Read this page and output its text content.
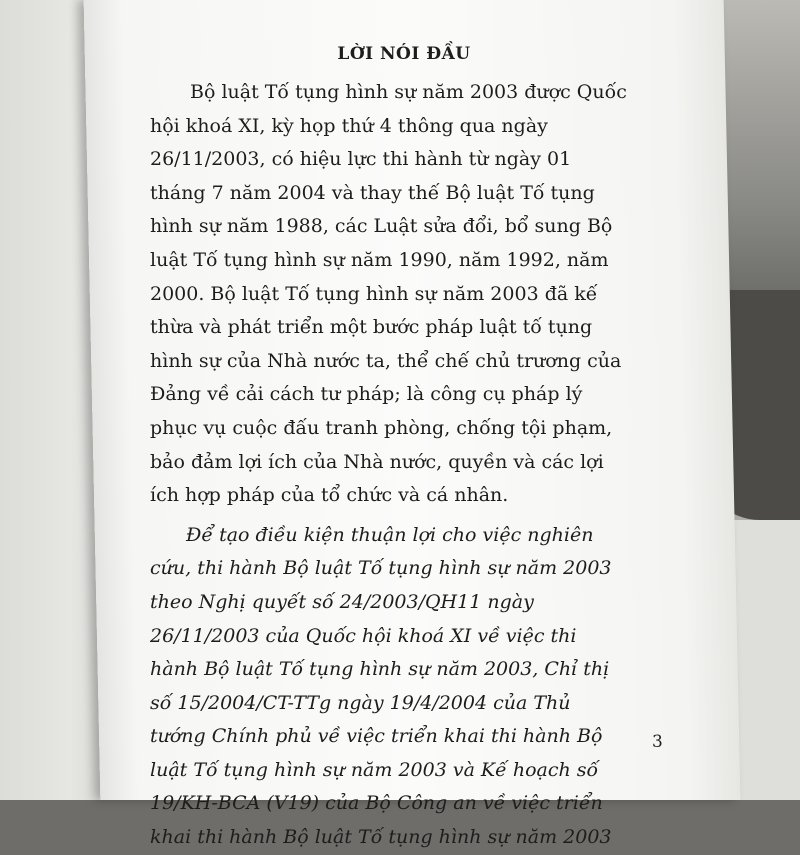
LỜI NÓI ĐẦU

Bộ luật Tố tụng hình sự năm 2003 được Quốc
hội khoá XI, kỳ họp thứ 4 thông qua ngày
26/11/2003, có hiệu lực thi hành từ ngày 01
tháng 7 năm 2004 và thay thế Bộ luật Tố tụng
hình sự năm 1988, các Luật sửa đổi, bổ sung Bộ
luật Tố tụng hình sự năm 1990, năm 1992, năm
2000. Bộ luật Tố tụng hình sự năm 2003 đã kế
thừa và phát triển một bước pháp luật tố tụng
hình sự của Nhà nước ta, thể chế chủ trương của
Đảng về cải cách tư pháp; là công cụ pháp lý
phục vụ cuộc đấu tranh phòng, chống tội phạm,
bảo đảm lợi ích của Nhà nước, quyền và các lợi
ích hợp pháp của tổ chức và cá nhân.

Để tạo điều kiện thuận lợi cho việc nghiên
cứu, thi hành Bộ luật Tố tụng hình sự năm 2003
theo Nghị quyết số 24/2003/QH11 ngày
26/11/2003 của Quốc hội khoá XI về việc thi
hành Bộ luật Tố tụng hình sự năm 2003, Chỉ thị
số 15/2004/CT-TTg ngày 19/4/2004 của Thủ
tướng Chính phủ về việc triển khai thi hành Bộ
luật Tố tụng hình sự năm 2003 và Kế hoạch số
19/KH-BCA (V19) của Bộ Công an về việc triển
khai thi hành Bộ luật Tố tụng hình sự năm 2003

3
